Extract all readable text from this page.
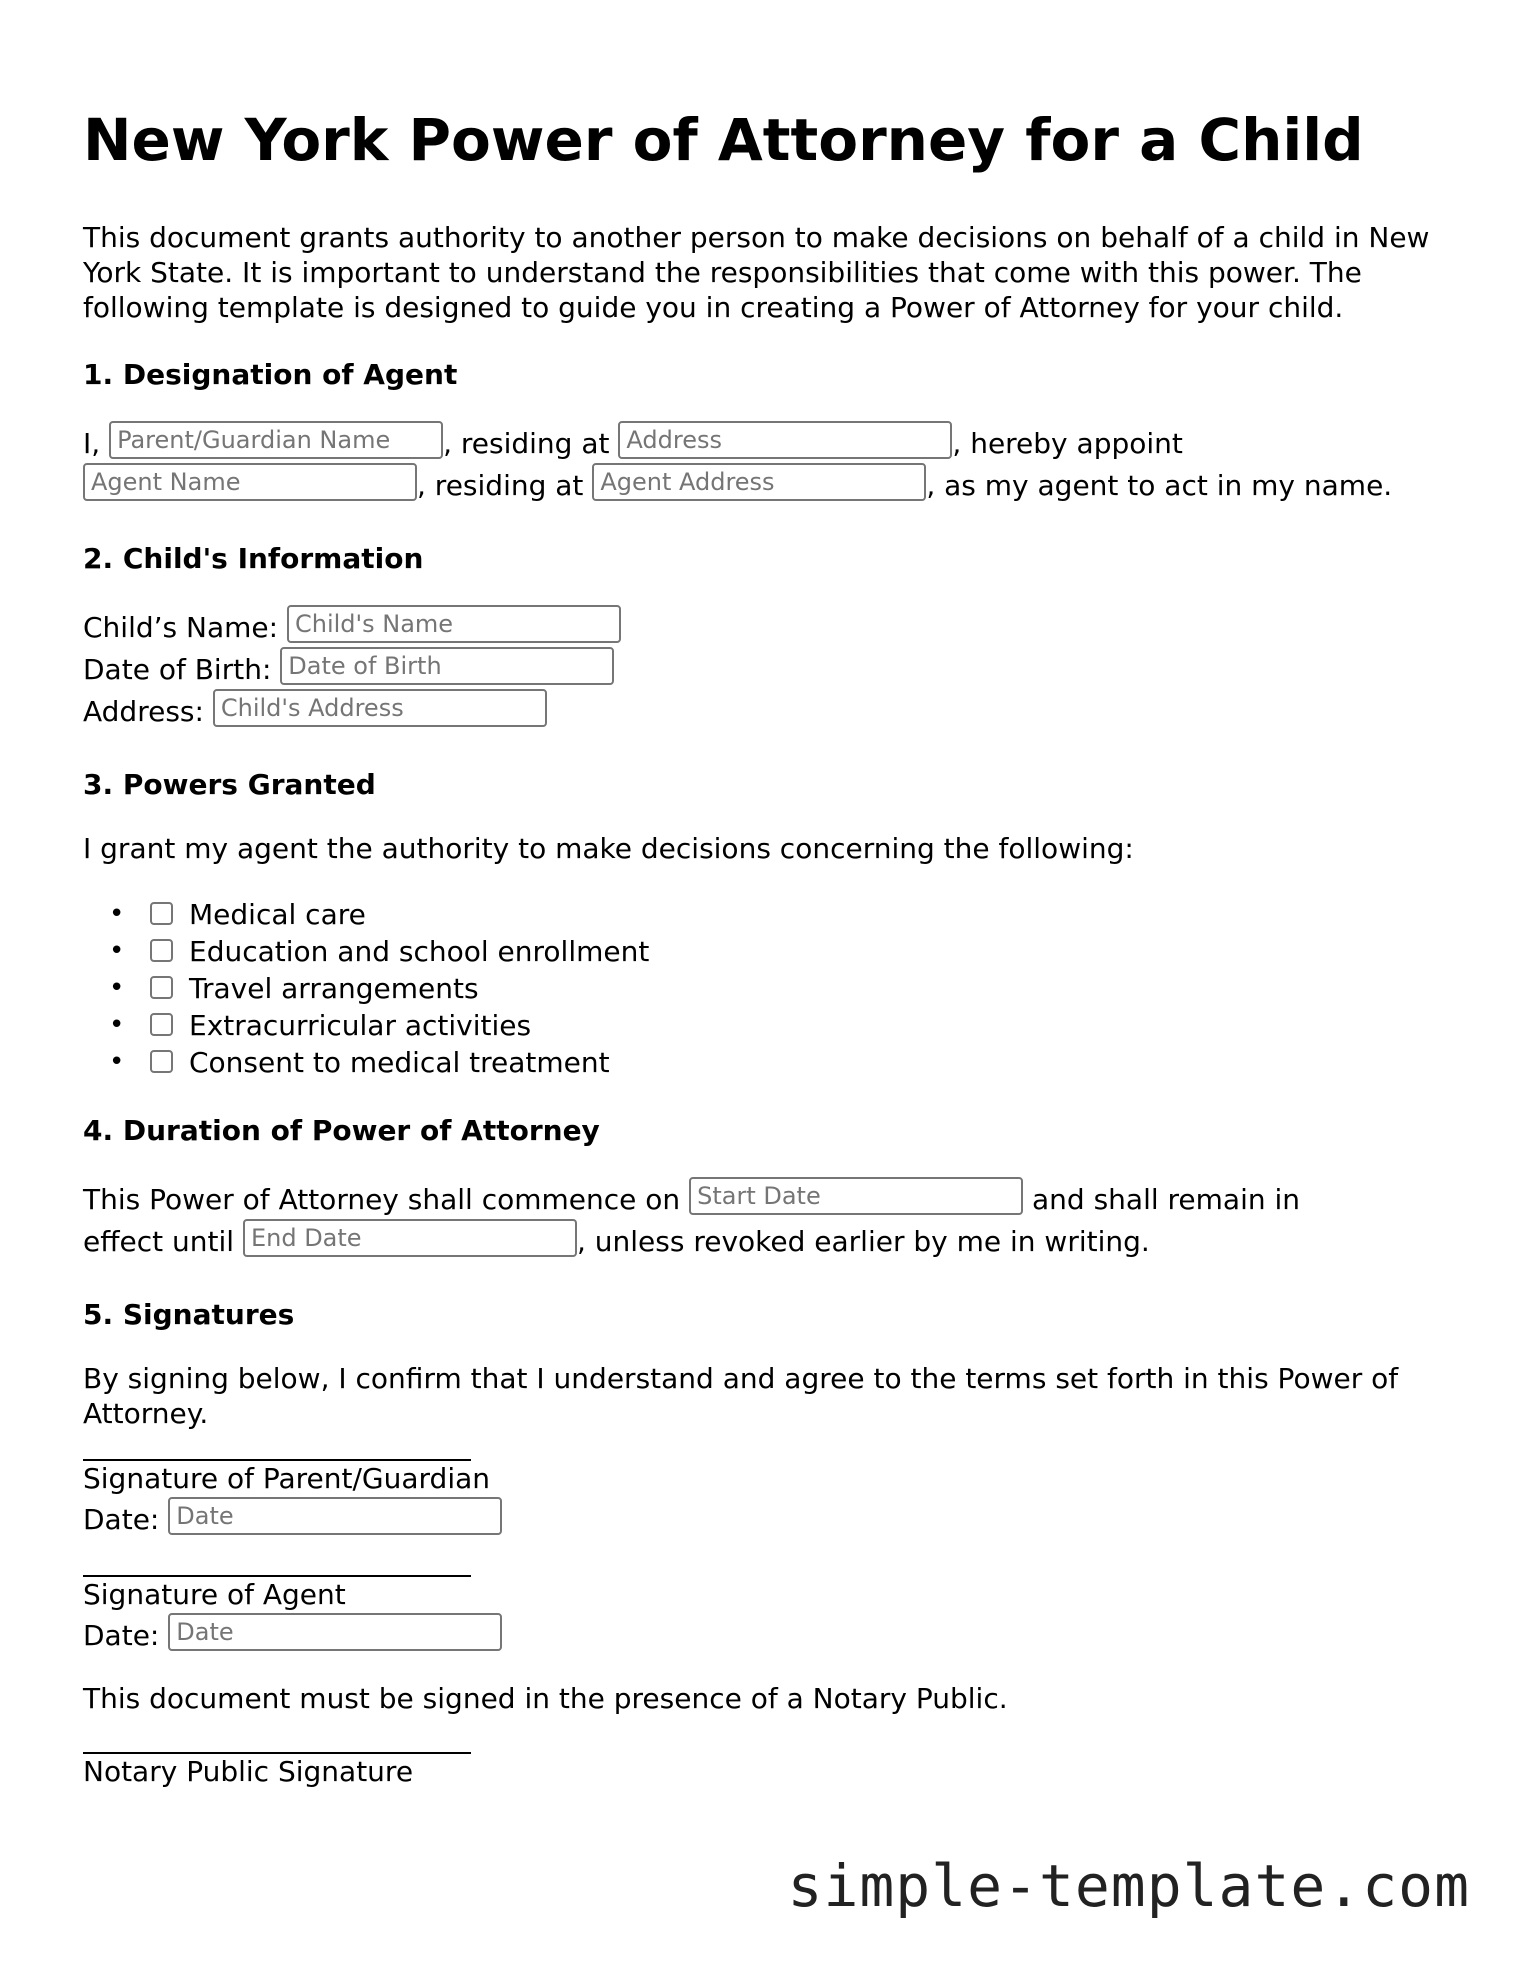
New York Power of Attorney for a Child

This document grants authority to another person to make decisions on behalf of a child in New York State. It is important to understand the responsibilities that come with this power. The following template is designed to guide you in creating a Power of Attorney for your child.

1. Designation of Agent
I, Parent/Guardian Name	, residing at Address	, hereby appoint
Agent Name, residing at Agent Address	, as my agent to act in my name.
2. Child's Information
Child’s Name: Child's Name
Date of Birth: Date of Birth
Address: Child's Address
3. Powers Granted

I grant my agent the authority to make decisions concerning the following:

• Medical care
• Education and school enrollment
• Travel arrangements
• Extracurricular activities
• Consent to medical treatment
4. Duration of Power of Attorney
This Power of Attorney shall commence on Start Date	and shall remain in
effect until End Date	, unless revoked earlier by me in writing.
5. Signatures

By signing below, I confirm that I understand and agree to the terms set forth in this Power of Attorney.

Signature of Parent/Guardian
Date: Date
Signature of Agent
Date: Date

This document must be signed in the presence of a Notary Public.

Notary Public Signature
simple-template.com
